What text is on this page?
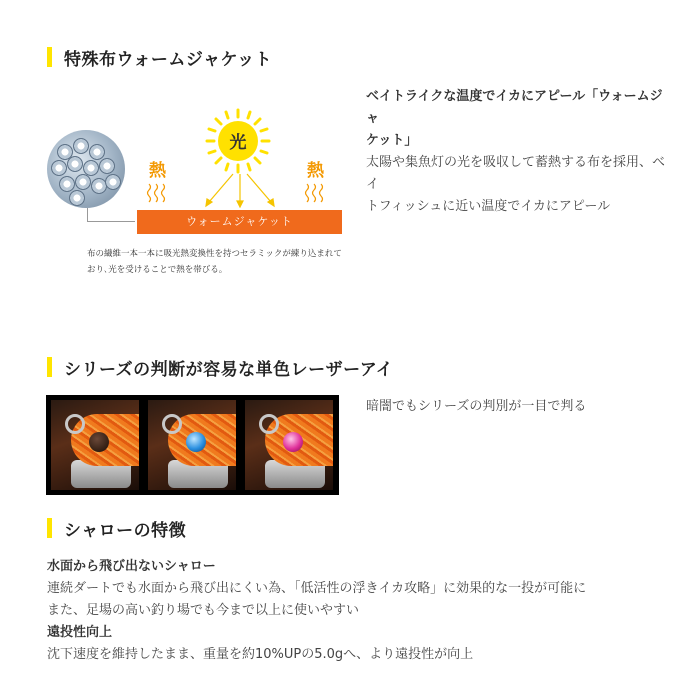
特殊布ウォームジャケット
光
熱	熱
ウォームジャケット
布の繊維一本一本に吸光熱変換性を持つセラミックが練り込まれて
おり､光を受けることで熱を帯びる。
ベイトライクな温度でイカにアピール「ウォームジャ
ケット」
太陽や集魚灯の光を吸収して蓄熱する布を採用、ベイ
トフィッシュに近い温度でイカにアピール
シリーズの判断が容易な単色レーザーアイ
暗闇でもシリーズの判別が一目で判る
シャローの特徴
水面から飛び出ないシャロー
連続ダートでも水面から飛び出にくい為、「低活性の浮きイカ攻略」に効果的な一投が可能に
また、足場の高い釣り場でも今まで以上に使いやすい
遠投性向上
沈下速度を維持したまま、重量を約10%UPの5.0gへ、より遠投性が向上
